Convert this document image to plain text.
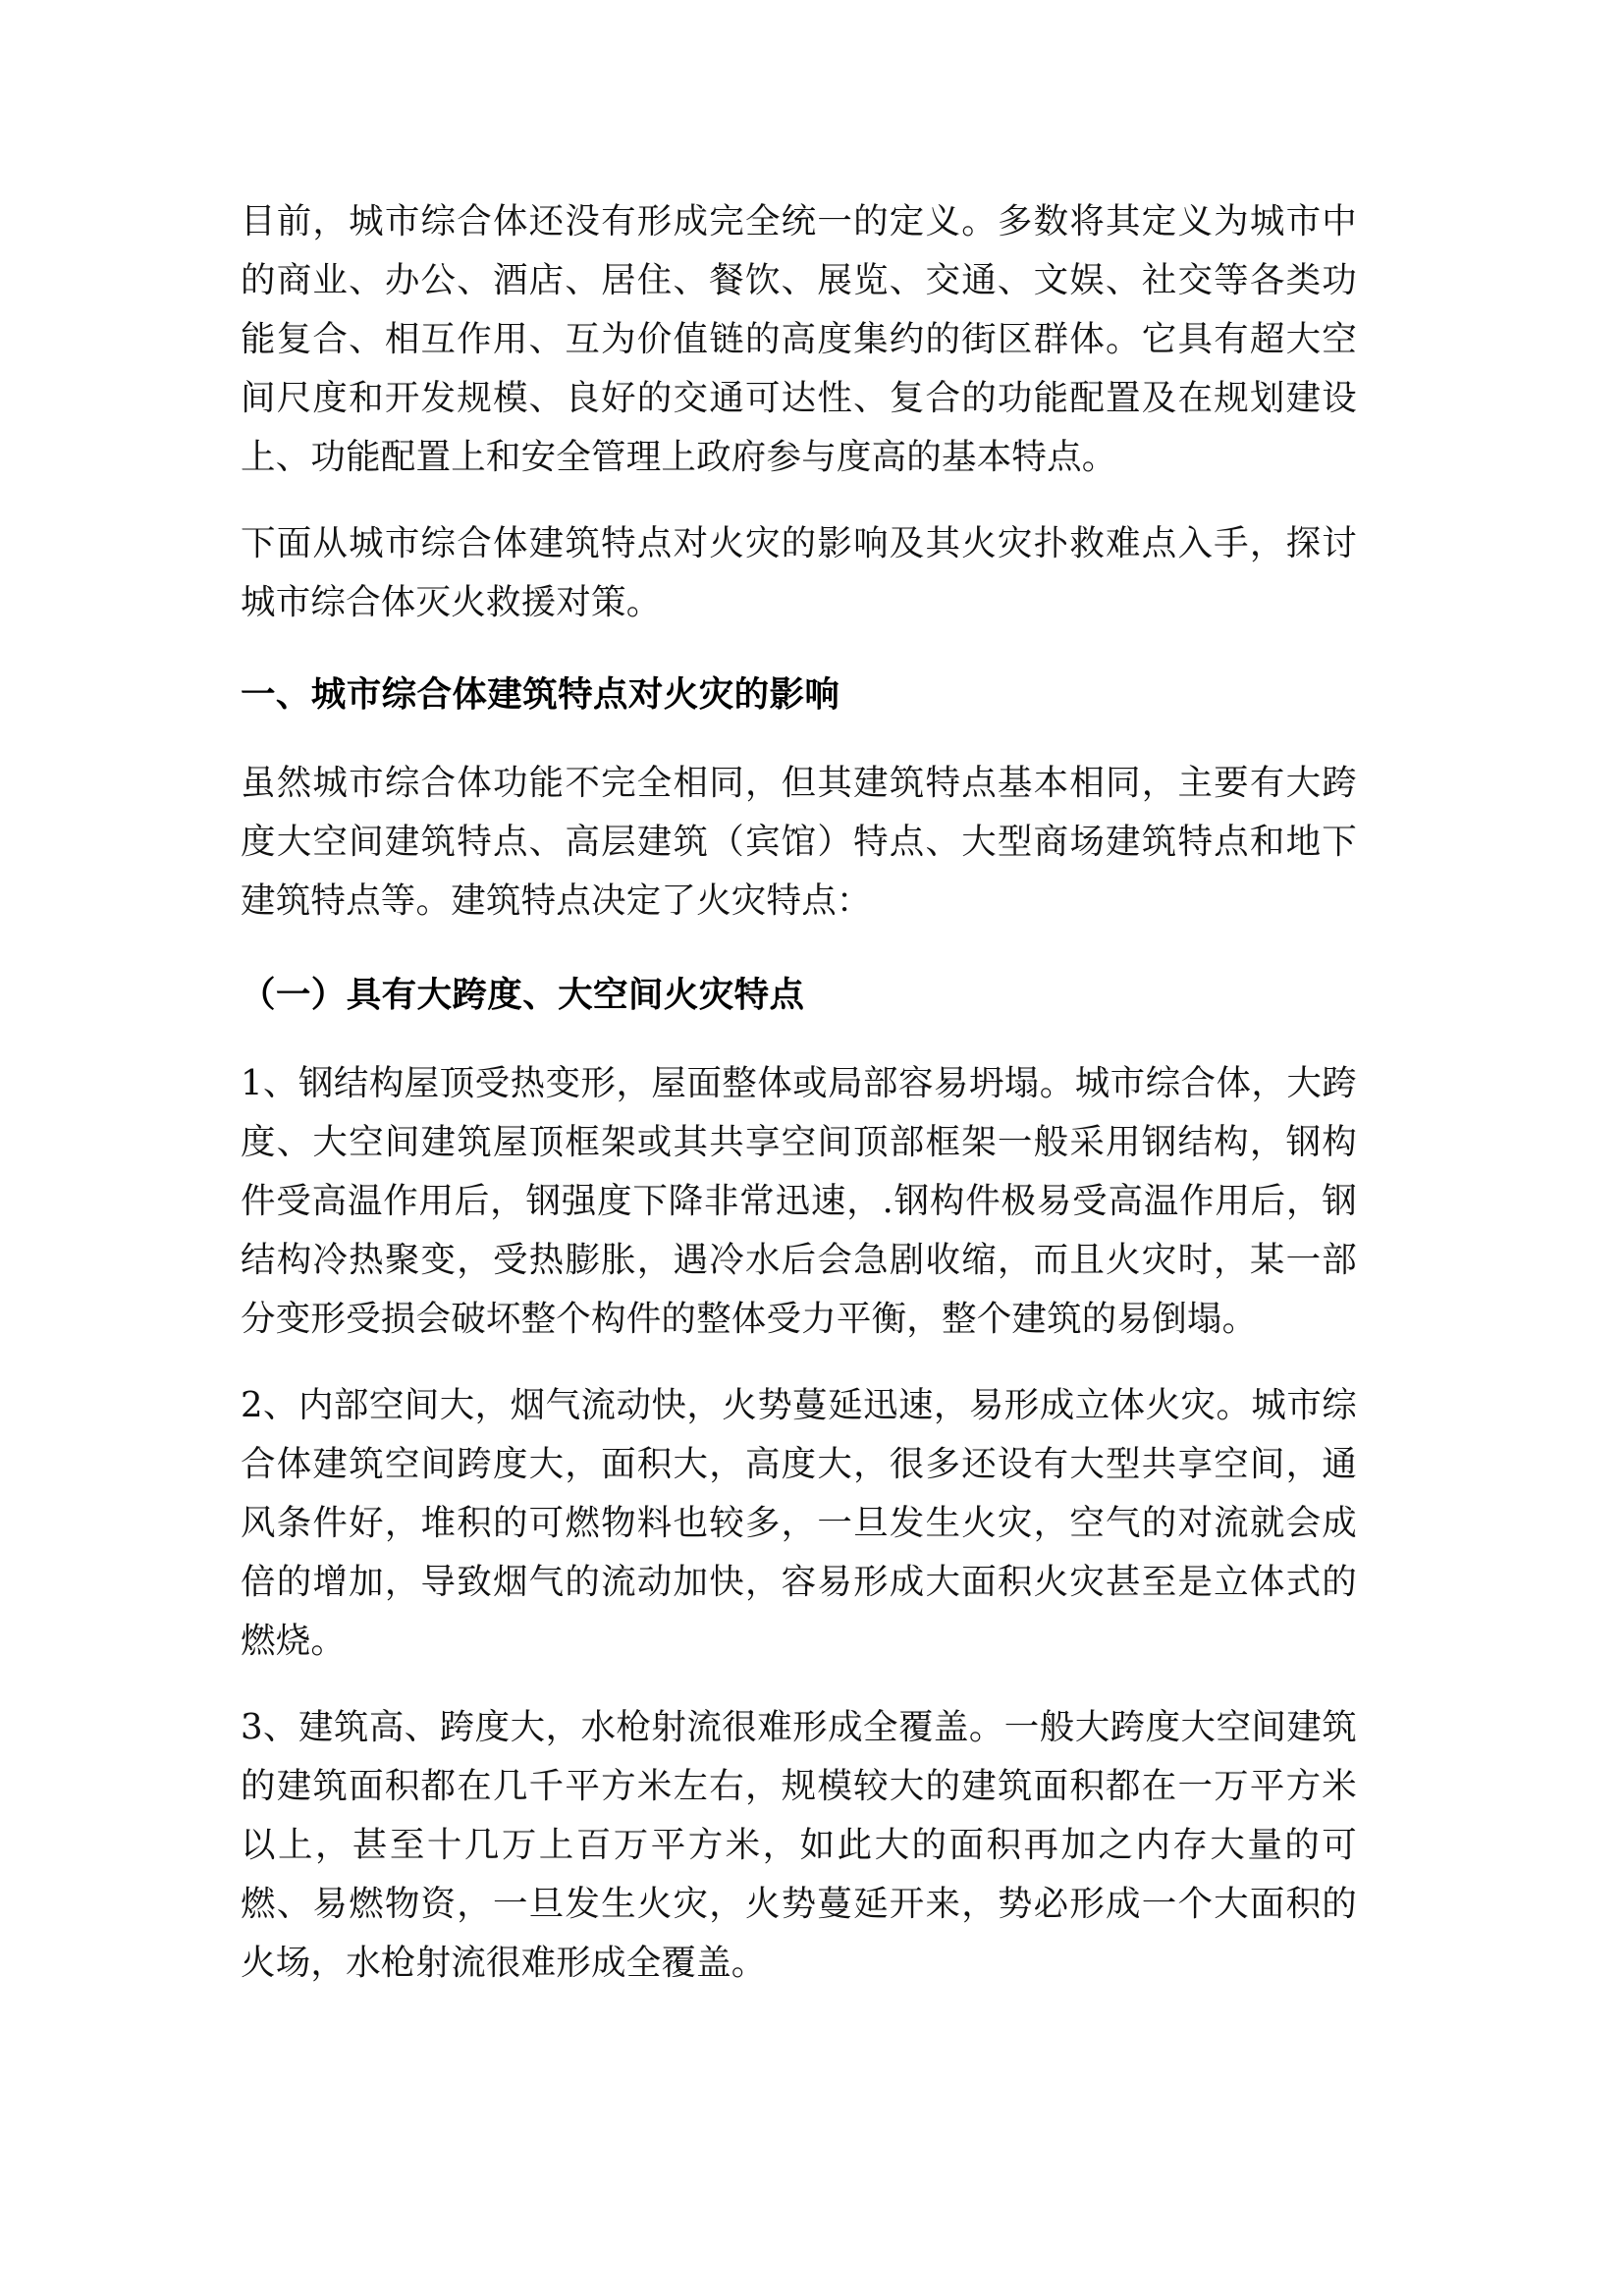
目前，城市综合体还没有形成完全统一的定义。多数将其定义为城市中的商业、办公、酒店、居住、餐饮、展览、交通、文娱、社交等各类功能复合、相互作用、互为价值链的高度集约的街区群体。它具有超大空间尺度和开发规模、良好的交通可达性、复合的功能配置及在规划建设上、功能配置上和安全管理上政府参与度高的基本特点。

下面从城市综合体建筑特点对火灾的影响及其火灾扑救难点入手，探讨城市综合体灭火救援对策。

一、城市综合体建筑特点对火灾的影响

虽然城市综合体功能不完全相同，但其建筑特点基本相同，主要有大跨度大空间建筑特点、高层建筑（宾馆）特点、大型商场建筑特点和地下建筑特点等。建筑特点决定了火灾特点：

（一）具有大跨度、大空间火灾特点

1、钢结构屋顶受热变形，屋面整体或局部容易坍塌。城市综合体，大跨度、大空间建筑屋顶框架或其共享空间顶部框架一般采用钢结构，钢构件受高温作用后，钢强度下降非常迅速，.钢构件极易受高温作用后，钢结构冷热聚变，受热膨胀，遇冷水后会急剧收缩，而且火灾时，某一部分变形受损会破坏整个构件的整体受力平衡，整个建筑的易倒塌。

2、内部空间大，烟气流动快，火势蔓延迅速，易形成立体火灾。城市综合体建筑空间跨度大，面积大，高度大，很多还设有大型共享空间，通风条件好，堆积的可燃物料也较多，一旦发生火灾，空气的对流就会成倍的增加，导致烟气的流动加快，容易形成大面积火灾甚至是立体式的燃烧。

3、建筑高、跨度大，水枪射流很难形成全覆盖。一般大跨度大空间建筑的建筑面积都在几千平方米左右，规模较大的建筑面积都在一万平方米以上，甚至十几万上百万平方米，如此大的面积再加之内存大量的可燃、易燃物资，一旦发生火灾，火势蔓延开来，势必形成一个大面积的火场，水枪射流很难形成全覆盖。
